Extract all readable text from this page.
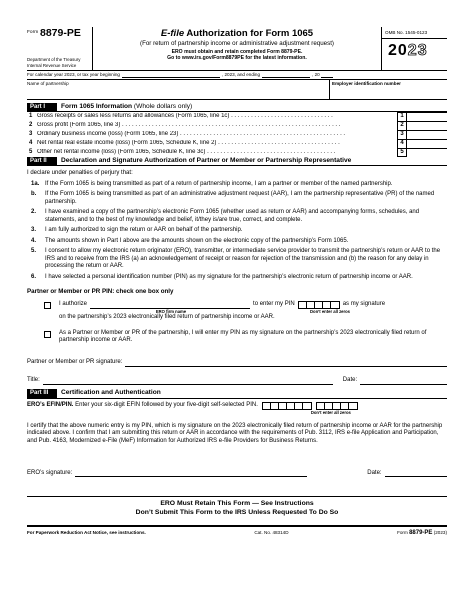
Form 8879-PE
Department of the Treasury
Internal Revenue Service
E-file Authorization for Form 1065
(For return of partnership income or administrative adjustment request)
ERO must obtain and retain completed Form 8879-PE.
Go to www.irs.gov/Form8879PE for the latest information.
OMB No. 1545-0123
2023
For calendar year 2023, or tax year beginning	, 2023, and ending	, 20
Name of partnership	Employer identification number
Part I	Form 1065 Information (Whole dollars only)
1 Gross receipts or sales less returns and allowances (Form 1065, line 1c) . . . . . . . . . . . . . . . . . . . . . . . . . . . . . . .	1
2 Gross profit (Form 1065, line 3) . . . . . . . . . . . . . . . . . . . . . . . . . . . . . . . . . . . . . . . . . . . . . . . . . . . . . . . . . . . . . . . . . .	2
3 Ordinary business income (loss) (Form 1065, line 23) . . . . . . . . . . . . . . . . . . . . . . . . . . . . . . . . . . . . . . . . . . . . . . . . . .	3
4 Net rental real estate income (loss) (Form 1065, Schedule K, line 2) . . . . . . . . . . . . . . . . . . . . . . . . . . . . . . . . . . . . .	4
5 Other net rental income (loss) (Form 1065, Schedule K, line 3c) . . . . . . . . . . . . . . . . . . . . . . . . . . . . . . . . . . . . . . .	5
Part II	Declaration and Signature Authorization of Partner or Member or Partnership Representative
I declare under penalties of perjury that:
1a. If the Form 1065 is being transmitted as part of a return of partnership income, I am a partner or member of the named partnership.
b.	If the Form 1065 is being transmitted as part of an administrative adjustment request (AAR), I am the partnership representative (PR) of the named partnership.
2.	I have examined a copy of the partnership’s electronic Form 1065 (whether used as return or AAR) and accompanying forms, schedules, and statements, and to the best of my knowledge and belief, it/they is/are true, correct, and complete.
3.	I am fully authorized to sign the return or AAR on behalf of the partnership.
4.	The amounts shown in Part I above are the amounts shown on the electronic copy of the partnership’s Form 1065.
5.	I consent to allow my electronic return originator (ERO), transmitter, or intermediate service provider to transmit the partnership’s return or AAR to the IRS and to receive from the IRS (a) an acknowledgement of receipt or reason for rejection of the transmission and (b) the reason for any delay in processing the return or AAR.
6.	I have selected a personal identification number (PIN) as my signature for the partnership’s electronic return of partnership income or AAR.
Partner or Member or PR PIN: check one box only
I authorize	to enter my PIN	as my signature
ERO firm name	Don’t enter all zeros
on the partnership’s 2023 electronically filed return of partnership income or AAR.
As a Partner or Member or PR of the partnership, I will enter my PIN as my signature on the partnership’s 2023 electronically filed return of partnership income or AAR.
Partner or Member or PR signature:
Title:	Date:
Part III	Certification and Authentication
ERO’s EFIN/PIN. Enter your six-digit EFIN followed by your five-digit self-selected PIN.
Don’t enter all zeros
I certify that the above numeric entry is my PIN, which is my signature on the 2023 electronically filed return of partnership income or AAR for the partnership indicated above. I confirm that I am submitting this return or AAR in accordance with the requirements of Pub. 3112, IRS e-file Application and Participation, and Pub. 4163, Modernized e-File (MeF) Information for Authorized IRS e-file Providers for Business Returns.
ERO’s signature:	Date:
ERO Must Retain This Form — See Instructions
Don’t Submit This Form to the IRS Unless Requested To Do So
For Paperwork Reduction Act Notice, see instructions.	Cat. No. 48314D	Form 8879-PE (2023)
